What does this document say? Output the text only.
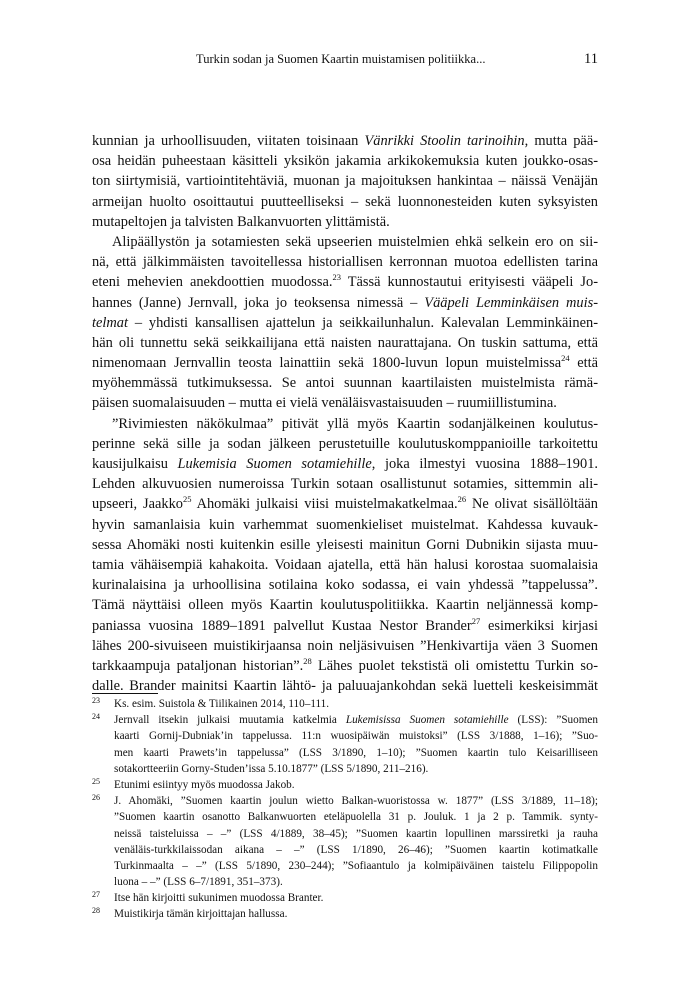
Turkin sodan ja Suomen Kaartin muistamisen politiikka...	11
kunnian ja urhoollisuuden, viitaten toisinaan Vänrikki Stoolin tarinoihin, mutta pää-
osa heidän puheestaan käsitteli yksikön jakamia arkikokemuksia kuten joukko-osas-
ton siirtymisiä, vartiointitehtäviä, muonan ja majoituksen hankintaa – näissä Venäjän
armeijan huolto osoittautui puutteelliseksi – sekä luonnonesteiden kuten syksyisten
mutapeltojen ja talvisten Balkanvuorten ylittämistä.
Alipäällystön ja sotamiesten sekä upseerien muistelmien ehkä selkein ero on sii-
nä, että jälkimmäisten tavoitellessa historiallisen kerronnan muotoa edellisten tarina
eteni mehevien anekdoottien muodossa.$^{23}$ Tässä kunnostautui erityisesti vääpeli Jo-
hannes (Janne) Jernvall, joka jo teoksensa nimessä – Vääpeli Lemminkäisen muis-
telmat – yhdisti kansallisen ajattelun ja seikkailunhalun. Kalevalan Lemminkäinen-
hän oli tunnettu sekä seikkailijana että naisten naurattajana. On tuskin sattuma, että
nimenomaan Jernvallin teosta lainattiin sekä 1800-luvun lopun muistelmissa$^{24}$ että
myöhemmässä tutkimuksessa. Se antoi suunnan kaartilaisten muistelmista rämä-
päisen suomalaisuuden – mutta ei vielä venäläisvastaisuuden – ruumiillistumina.
”Rivimiesten näkökulmaa” pitivät yllä myös Kaartin sodanjälkeinen koulutus-
perinne sekä sille ja sodan jälkeen perustetuille koulutuskomppanioille tarkoitettu
kausijulkaisu Lukemisia Suomen sotamiehille, joka ilmestyi vuosina 1888–1901.
Lehden alkuvuosien numeroissa Turkin sotaan osallistunut sotamies, sittemmin ali-
upseeri, Jaakko$^{25}$ Ahomäki julkaisi viisi muistelmakatkelmaa.$^{26}$ Ne olivat sisällöltään
hyvin samanlaisia kuin varhemmat suomenkieliset muistelmat. Kahdessa kuvauk-
sessa Ahomäki nosti kuitenkin esille yleisesti mainitun Gorni Dubnikin sijasta muu-
tamia vähäisempiä kahakoita. Voidaan ajatella, että hän halusi korostaa suomalaisia
kurinalaisina ja urhoollisina sotilaina koko sodassa, ei vain yhdessä ”tappelussa”.
Tämä näyttäisi olleen myös Kaartin koulutuspolitiikka. Kaartin neljännessä komp-
paniassa vuosina 1889–1891 palvellut Kustaa Nestor Brander$^{27}$ esimerkiksi kirjasi
lähes 200-sivuiseen muistikirjaansa noin neljäsivuisen ”Henkivartija väen 3 Suomen
tarkkaampuja pataljonan historian”.$^{28}$ Lähes puolet tekstistä oli omistettu Turkin so-
dalle. Brander mainitsi Kaartin lähtö- ja paluuajankohdan sekä luetteli keskeisimmät
23 Ks. esim. Suistola & Tiilikainen 2014, 110–111.
24 Jernvall itsekin julkaisi muutamia katkelmia Lukemisissa Suomen sotamiehille (LSS): ”Suomen
kaarti Gornij-Dubniak’in tappelussa. 11:n wuosipäiwän muistoksi” (LSS 3/1888, 1–16); ”Suo-
men kaarti Prawets’in tappelussa” (LSS 3/1890, 1–10); ”Suomen kaartin tulo Keisarilliseen
sotakortteeriin Gorny-Studen’issa 5.10.1877” (LSS 5/1890, 211–216).
25 Etunimi esiintyy myös muodossa Jakob.
26 J. Ahomäki, ”Suomen kaartin joulun wietto Balkan-wuoristossa w. 1877” (LSS 3/1889, 11–18);
”Suomen kaartin osanotto Balkanwuorten eteläpuolella 31 p. Jouluk. 1 ja 2 p. Tammik. synty-
neissä taisteluissa – –” (LSS 4/1889, 38–45); ”Suomen kaartin lopullinen marssiretki ja rauha
venäläis-turkkilaissodan aikana – –” (LSS 1/1890, 26–46); ”Suomen kaartin kotimatkalle
Turkinmaalta – –” (LSS 5/1890, 230–244); ”Sofiaantulo ja kolmipäiväinen taistelu Filippopolin
luona – –” (LSS 6–7/1891, 351–373).
27 Itse hän kirjoitti sukunimen muodossa Branter.
28 Muistikirja tämän kirjoittajan hallussa.
